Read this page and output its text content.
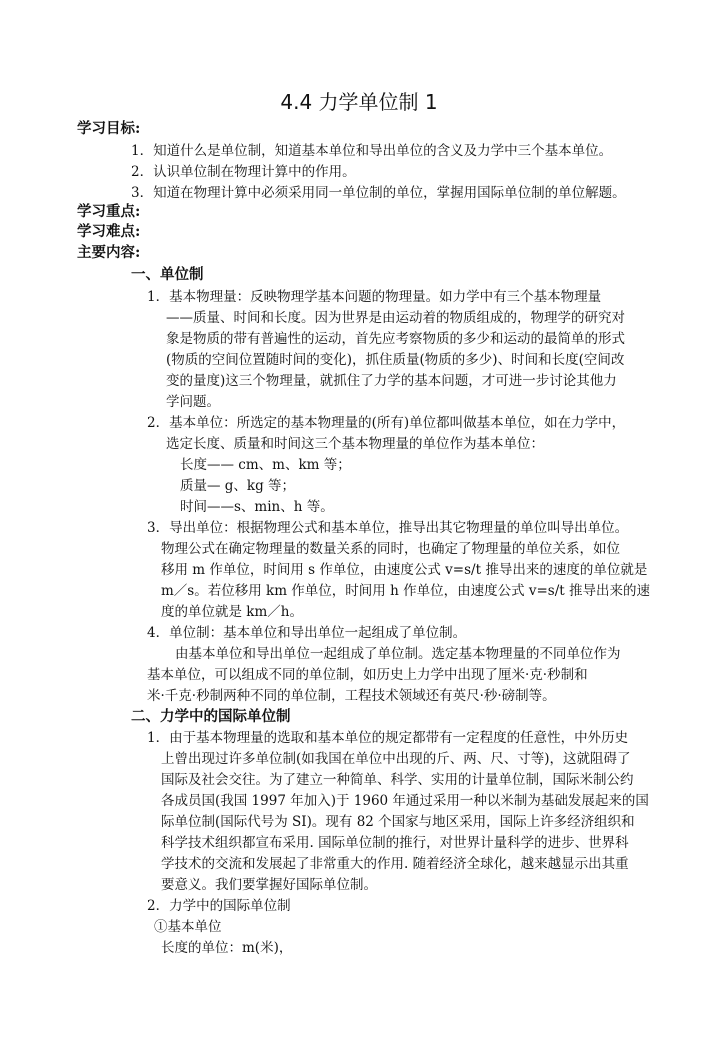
4.4 力学单位制 1
学习目标:
1．知道什么是单位制，知道基本单位和导出单位的含义及力学中三个基本单位。
2．认识单位制在物理计算中的作用。
3．知道在物理计算中必须采用同一单位制的单位，掌握用国际单位制的单位解题。
学习重点:
学习难点:
主要内容:
一、单位制
1．基本物理量：反映物理学基本问题的物理量。如力学中有三个基本物理量
——质量、时间和长度。因为世界是由运动着的物质组成的，物理学的研究对
象是物质的带有普遍性的运动，首先应考察物质的多少和运动的最简单的形式
(物质的空间位置随时间的变化)，抓住质量(物质的多少)、时间和长度(空间改
变的量度)这三个物理量，就抓住了力学的基本问题，才可进一步讨论其他力
学问题。
2．基本单位：所选定的基本物理量的(所有)单位都叫做基本单位，如在力学中，
选定长度、质量和时间这三个基本物理量的单位作为基本单位：
长度—— cm、m、km 等；
质量— g、kg 等；
时间——s、min、h 等。
3．导出单位：根据物理公式和基本单位，推导出其它物理量的单位叫导出单位。
物理公式在确定物理量的数量关系的同时，也确定了物理量的单位关系，如位
移用 m 作单位，时间用 s 作单位，由速度公式 v=s/t 推导出来的速度的单位就是
m／s。若位移用 km 作单位，时间用 h 作单位，由速度公式 v=s/t 推导出来的速
度的单位就是 km／h。
4．单位制：基本单位和导出单位一起组成了单位制。
由基本单位和导出单位一起组成了单位制。选定基本物理量的不同单位作为
基本单位，可以组成不同的单位制，如历史上力学中出现了厘米·克·秒制和
米·千克·秒制两种不同的单位制，工程技术领域还有英尺·秒·磅制等。
二、力学中的国际单位制
1．由于基本物理量的选取和基本单位的规定都带有一定程度的任意性，中外历史
上曾出现过许多单位制(如我国在单位中出现的斤、两、尺、寸等)，这就阻碍了
国际及社会交往。为了建立一种简单、科学、实用的计量单位制，国际米制公约
各成员国(我国 1997 年加入)于 1960 年通过采用一种以米制为基础发展起来的国
际单位制(国际代号为 SI)。现有 82 个国家与地区采用，国际上许多经济组织和
科学技术组织都宣布采用. 国际单位制的推行，对世界计量科学的进步、世界科
学技术的交流和发展起了非常重大的作用. 随着经济全球化，越来越显示出其重
要意义。我们要掌握好国际单位制。
2．力学中的国际单位制
①基本单位
长度的单位：m(米)，
